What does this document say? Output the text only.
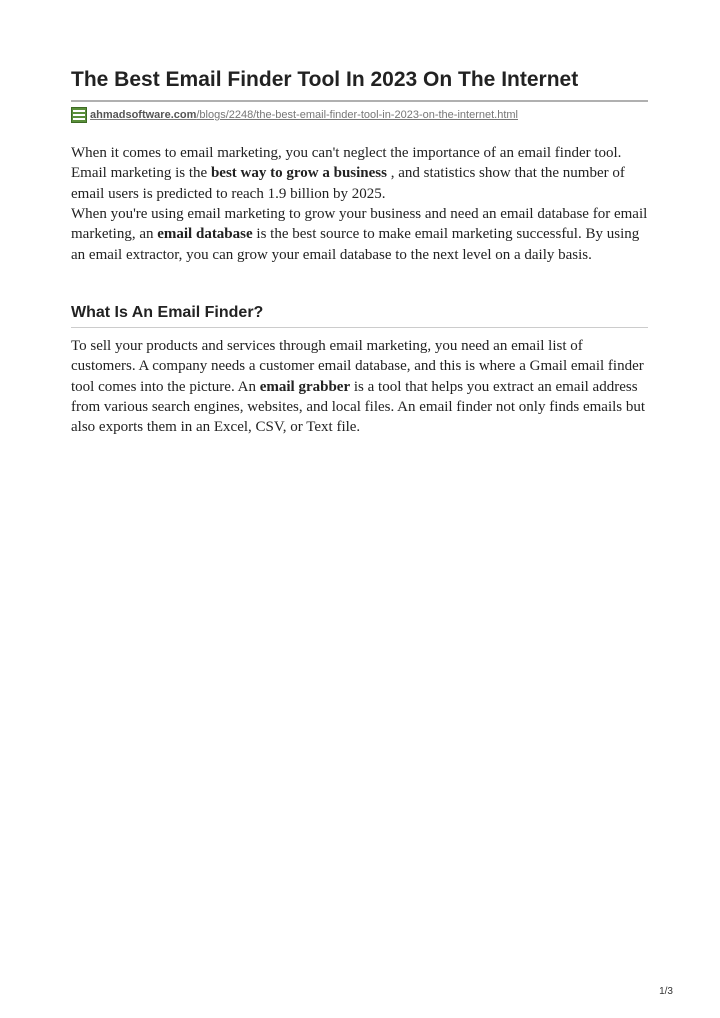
The Best Email Finder Tool In 2023 On The Internet
ahmadsoftware.com/blogs/2248/the-best-email-finder-tool-in-2023-on-the-internet.html

When it comes to email marketing, you can't neglect the importance of an email finder tool. Email marketing is the best way to grow a business , and statistics show that the number of email users is predicted to reach 1.9 billion by 2025.

When you're using email marketing to grow your business and need an email database for email marketing, an email database is the best source to make email marketing successful. By using an email extractor, you can grow your email database to the next level on a daily basis.

What Is An Email Finder?

To sell your products and services through email marketing, you need an email list of customers. A company needs a customer email database, and this is where a Gmail email finder tool comes into the picture. An email grabber is a tool that helps you extract an email address from various search engines, websites, and local files. An email finder not only finds emails but also exports them in an Excel, CSV, or Text file.

1/3
